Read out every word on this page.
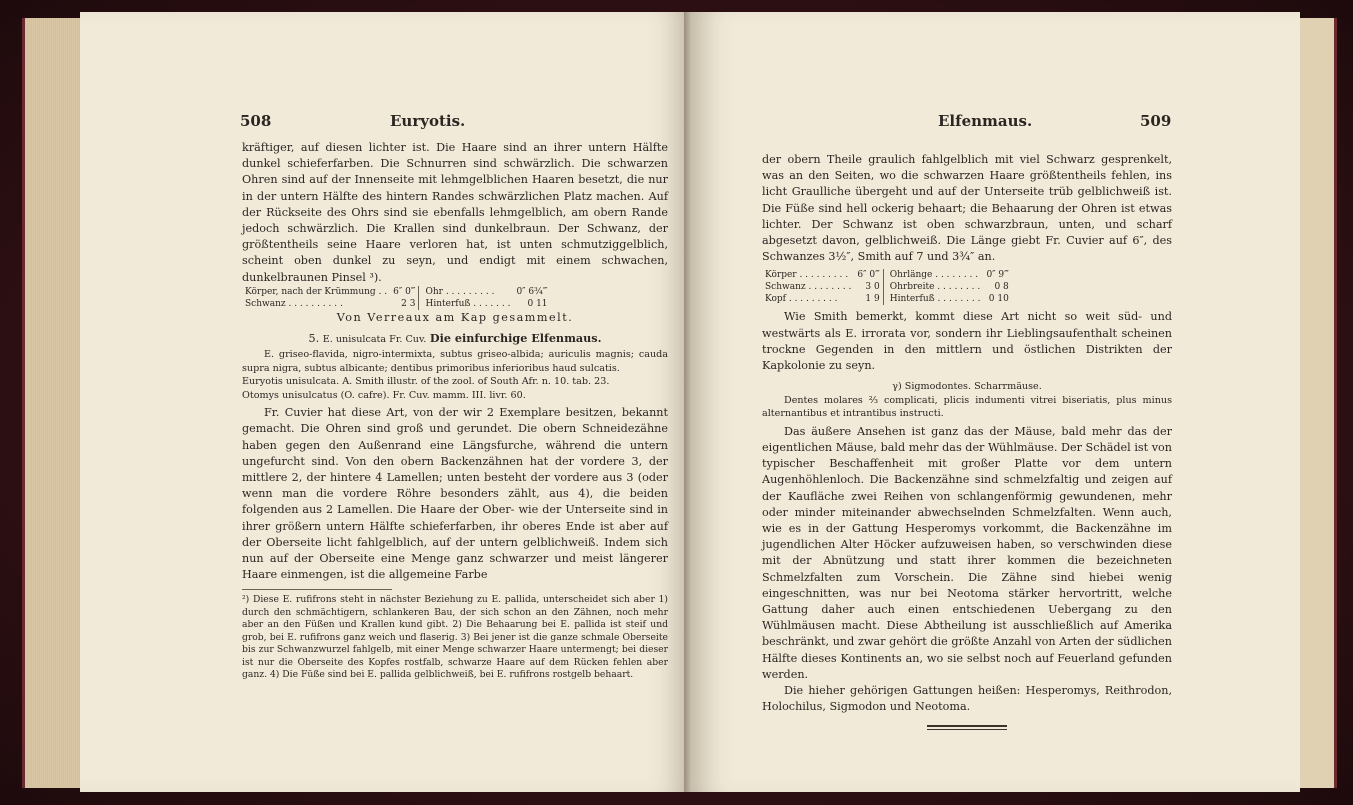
508	Euryotis.

kräftiger, auf diesen lichter ist. Die Haare sind an ihrer untern Hälfte dunkel schieferfarben. Die Schnurren sind schwärzlich. Die schwarzen Ohren sind auf der Innenseite mit lehmgelblichen Haaren besetzt, die nur in der untern Hälfte des hintern Randes schwärzlichen Platz machen. Auf der Rückseite des Ohrs sind sie ebenfalls lehmgelblich, am obern Rande jedoch schwärzlich. Die Krallen sind dunkelbraun. Der Schwanz, der größtentheils seine Haare verloren hat, ist unten schmutziggelblich, scheint oben dunkel zu seyn, und endigt mit einem schwachen, dunkelbraunen Pinsel ³).

Körper, nach der Krümmung . .	6″ 0‴	Ohr . . . . . . . . .	0″ 6¾‴
Schwanz . . . . . . . . . .	2 3	Hinterfuß . . . . . . .	0 11

Von Verreaux am Kap gesammelt.

5. E. unisulcata Fr. Cuv. Die einfurchige Elfenmaus.

E. griseo-flavida, nigro-intermixta, subtus griseo-albida; auriculis magnis; cauda supra nigra, subtus albicante; dentibus primoribus inferioribus haud sulcatis.

Euryotis unisulcata. A. Smith illustr. of the zool. of South Afr. n. 10. tab. 23.

Otomys unisulcatus (O. cafre). Fr. Cuv. mamm. III. livr. 60.

Fr. Cuvier hat diese Art, von der wir 2 Exemplare besitzen, bekannt gemacht. Die Ohren sind groß und gerundet. Die obern Schneidezähne haben gegen den Außenrand eine Längsfurche, während die untern ungefurcht sind. Von den obern Backenzähnen hat der vordere 3, der mittlere 2, der hintere 4 Lamellen; unten besteht der vordere aus 3 (oder wenn man die vordere Röhre besonders zählt, aus 4), die beiden folgenden aus 2 Lamellen. Die Haare der Ober- wie der Unterseite sind in ihrer größern untern Hälfte schieferfarben, ihr oberes Ende ist aber auf der Oberseite licht fahlgelblich, auf der untern gelblichweiß. Indem sich nun auf der Oberseite eine Menge ganz schwarzer und meist längerer Haare einmengen, ist die allgemeine Farbe

²) Diese E. rufifrons steht in nächster Beziehung zu E. pallida, unterscheidet sich aber 1) durch den schmächtigern, schlankeren Bau, der sich schon an den Zähnen, noch mehr aber an den Füßen und Krallen kund gibt. 2) Die Behaarung bei E. pallida ist steif und grob, bei E. rufifrons ganz weich und flaserig. 3) Bei jener ist die ganze schmale Oberseite bis zur Schwanzwurzel fahlgelb, mit einer Menge schwarzer Haare untermengt; bei dieser ist nur die Oberseite des Kopfes rostfalb, schwarze Haare auf dem Rücken fehlen aber ganz. 4) Die Füße sind bei E. pallida gelblichweiß, bei E. rufifrons rostgelb behaart.

Elfenmaus.	509

der obern Theile graulich fahlgelblich mit viel Schwarz gesprenkelt, was an den Seiten, wo die schwarzen Haare größtentheils fehlen, ins licht Graulliche übergeht und auf der Unterseite trüb gelblichweiß ist. Die Füße sind hell ockerig behaart; die Behaarung der Ohren ist etwas lichter. Der Schwanz ist oben schwarzbraun, unten, und scharf abgesetzt davon, gelblichweiß. Die Länge giebt Fr. Cuvier auf 6″, des Schwanzes 3½″, Smith auf 7 und 3¾″ an.

Körper . . . . . . . . .	6″ 0‴	Ohrlänge . . . . . . . .	0″ 9‴
Schwanz . . . . . . . .	3 0	Ohrbreite . . . . . . . .	0 8
Kopf . . . . . . . . .	1 9	Hinterfuß . . . . . . . .	0 10

Wie Smith bemerkt, kommt diese Art nicht so weit süd- und westwärts als E. irrorata vor, sondern ihr Lieblingsaufenthalt scheinen trockne Gegenden in den mittlern und östlichen Distrikten der Kapkolonie zu seyn.

γ) Sigmodontes. Scharrmäuse.

Dentes molares ⅔ complicati, plicis indumenti vitrei biseriatis, plus minus alternantibus et intrantibus instructi.

Das äußere Ansehen ist ganz das der Mäuse, bald mehr das der eigentlichen Mäuse, bald mehr das der Wühlmäuse. Der Schädel ist von typischer Beschaffenheit mit großer Platte vor dem untern Augenhöhlenloch. Die Backenzähne sind schmelzfaltig und zeigen auf der Kaufläche zwei Reihen von schlangenförmig gewundenen, mehr oder minder miteinander abwechselnden Schmelzfalten. Wenn auch, wie es in der Gattung Hesperomys vorkommt, die Backenzähne im jugendlichen Alter Höcker aufzuweisen haben, so verschwinden diese mit der Abnützung und statt ihrer kommen die bezeichneten Schmelzfalten zum Vorschein. Die Zähne sind hiebei wenig eingeschnitten, was nur bei Neotoma stärker hervortritt, welche Gattung daher auch einen entschiedenen Uebergang zu den Wühlmäusen macht. Diese Abtheilung ist ausschließlich auf Amerika beschränkt, und zwar gehört die größte Anzahl von Arten der südlichen Hälfte dieses Kontinents an, wo sie selbst noch auf Feuerland gefunden werden.

Die hieher gehörigen Gattungen heißen: Hesperomys, Reithrodon, Holochilus, Sigmodon und Neotoma.
